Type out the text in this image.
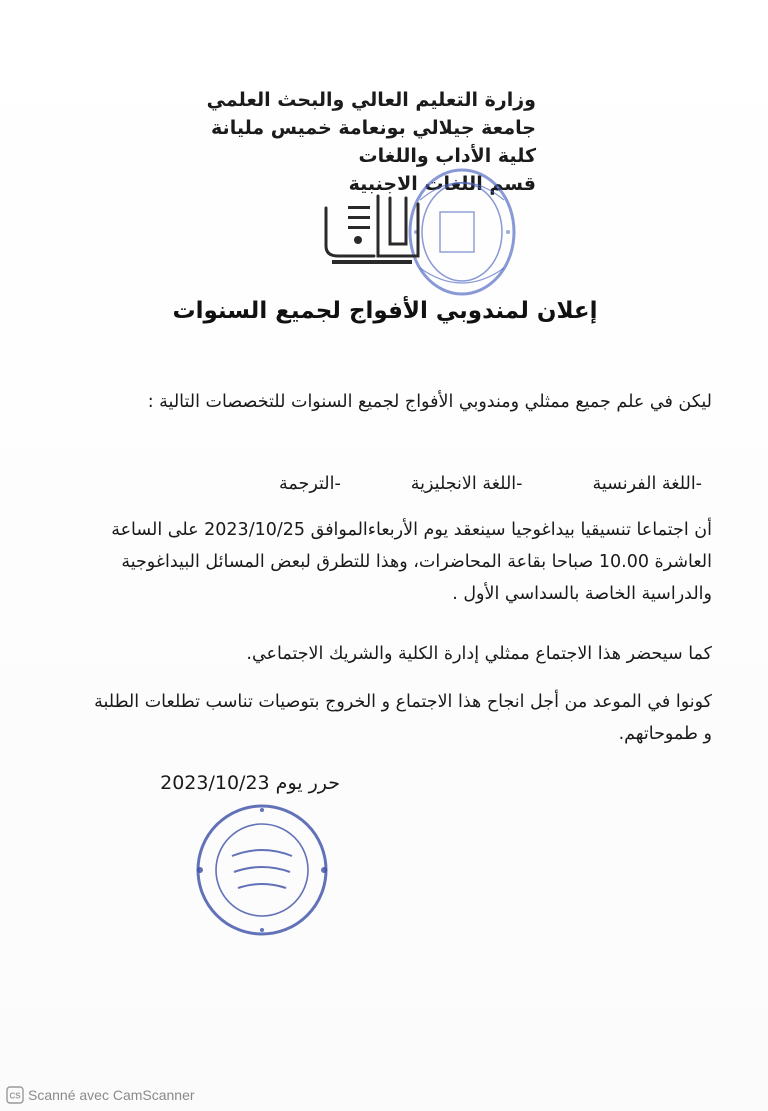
وزارة التعليم العالي والبحث العلمي
جامعة جيلالي بونعامة خميس مليانة
كلية الأداب واللغات
قسم اللغات الاجنبية
إعلان لمندوبي الأفواج لجميع السنوات
ليكن في علم جميع ممثلي ومندوبي الأفواج لجميع السنوات للتخصصات التالية :
-اللغة الفرنسية
-اللغة الانجليزية
-الترجمة
أن اجتماعا تنسيقيا بيداغوجيا سينعقد يوم الأربعاءالموافق 2023/10/25 على الساعة العاشرة 10.00 صباحا بقاعة المحاضرات، وهذا للتطرق لبعض المسائل البيداغوجية والدراسية الخاصة بالسداسي الأول .
كما سيحضر هذا الاجتماع ممثلي إدارة الكلية والشريك الاجتماعي.
كونوا في الموعد من أجل انجاح هذا الاجتماع و الخروج بتوصيات تناسب تطلعات الطلبة و طموحاتهم.
حرر يوم 2023/10/23
CS Scanné avec CamScanner
